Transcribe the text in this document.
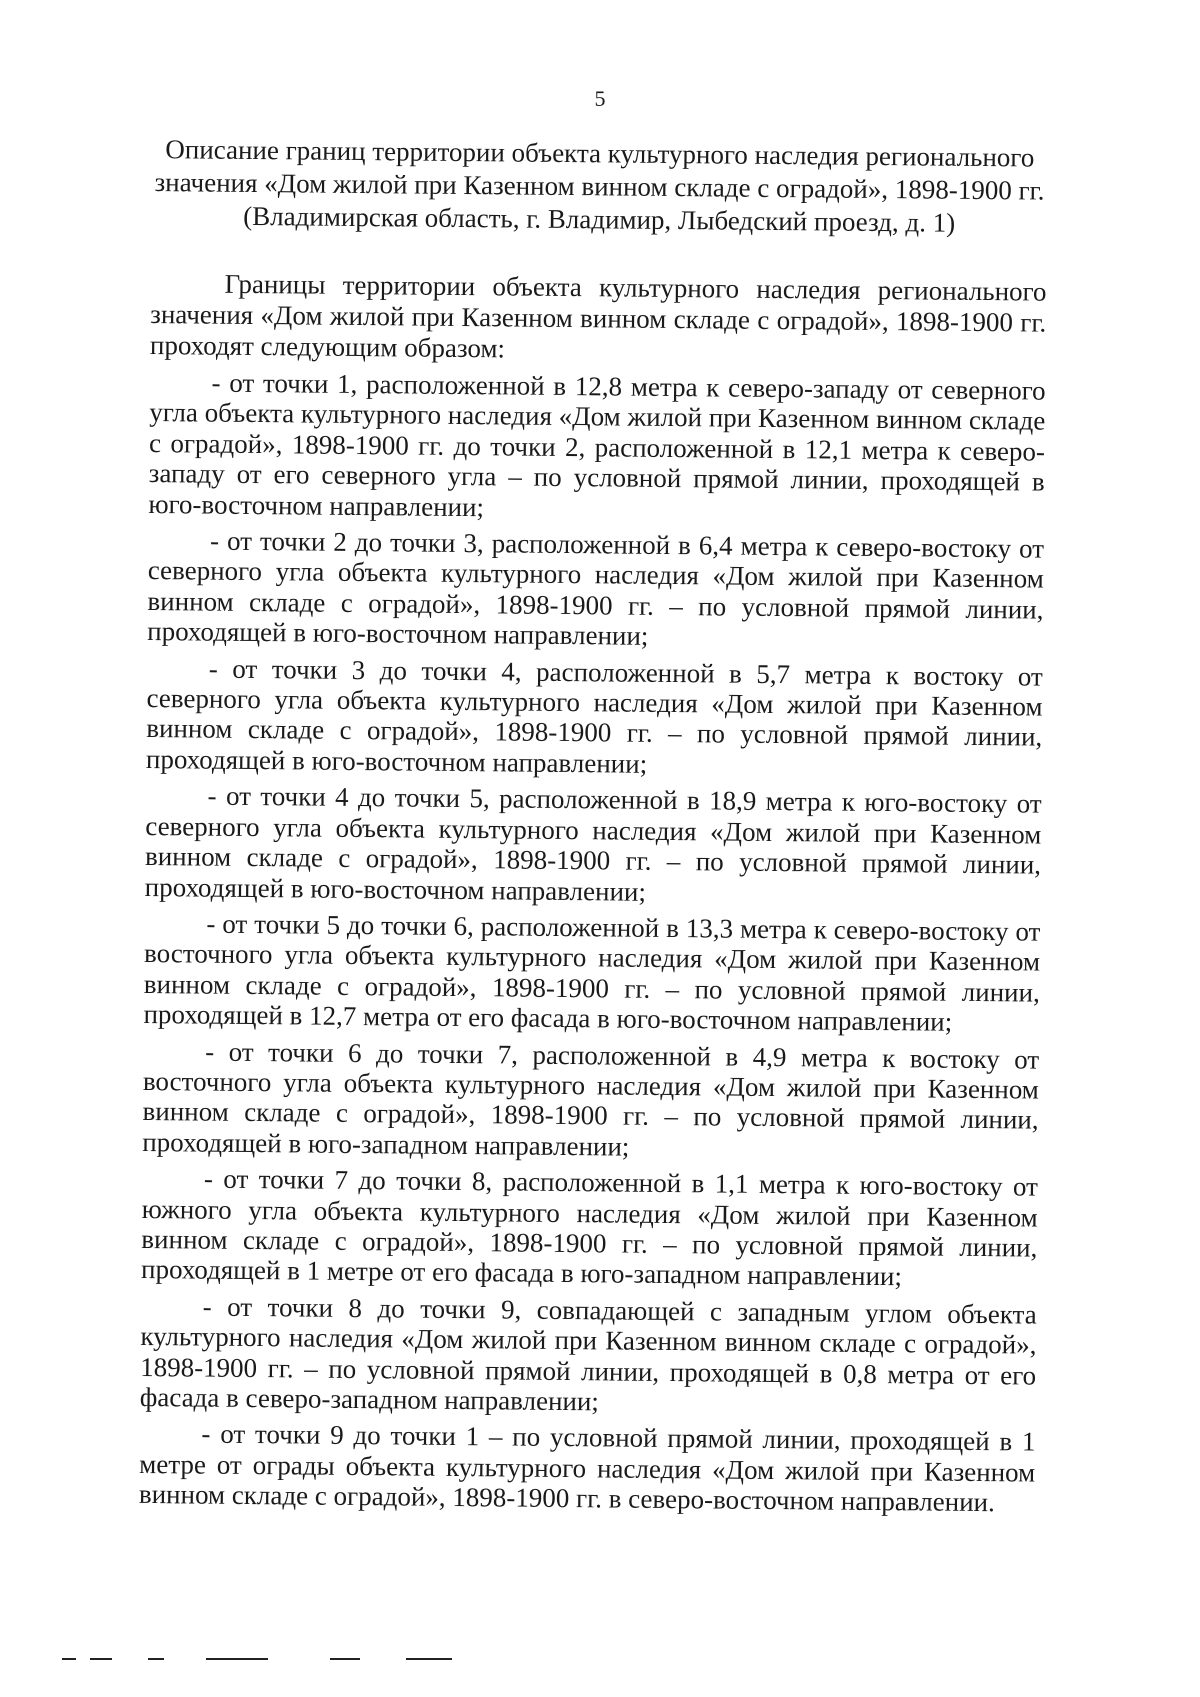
5

Описание границ территории объекта культурного наследия регионального

значения «Дом жилой при Казенном винном складе с оградой», 1898-1900 гг.

(Владимирская область, г. Владимир, Лыбедский проезд, д. 1)

Границы территории объекта культурного наследия регионального значения «Дом жилой при Казенном винном складе с оградой», 1898-1900 гг. проходят следующим образом:
- от точки 1, расположенной в 12,8 метра к северо-западу от северного угла объекта культурного наследия «Дом жилой при Казенном винном складе с оградой», 1898-1900 гг. до точки 2, расположенной в 12,1 метра к северо-западу от его северного угла – по условной прямой линии, проходящей в юго-восточном направлении;
- от точки 2 до точки 3, расположенной в 6,4 метра к северо-востоку от северного угла объекта культурного наследия «Дом жилой при Казенном винном складе с оградой», 1898-1900 гг. – по условной прямой линии, проходящей в юго-восточном направлении;
- от точки 3 до точки 4, расположенной в 5,7 метра к востоку от северного угла объекта культурного наследия «Дом жилой при Казенном винном складе с оградой», 1898-1900 гг. – по условной прямой линии, проходящей в юго-восточном направлении;
- от точки 4 до точки 5, расположенной в 18,9 метра к юго-востоку от северного угла объекта культурного наследия «Дом жилой при Казенном винном складе с оградой», 1898-1900 гг. – по условной прямой линии, проходящей в юго-восточном направлении;
- от точки 5 до точки 6, расположенной в 13,3 метра к северо-востоку от восточного угла объекта культурного наследия «Дом жилой при Казенном винном складе с оградой», 1898-1900 гг. – по условной прямой линии, проходящей в 12,7 метра от его фасада в юго-восточном направлении;
- от точки 6 до точки 7, расположенной в 4,9 метра к востоку от восточного угла объекта культурного наследия «Дом жилой при Казенном винном складе с оградой», 1898-1900 гг. – по условной прямой линии, проходящей в юго-западном направлении;
- от точки 7 до точки 8, расположенной в 1,1 метра к юго-востоку от южного угла объекта культурного наследия «Дом жилой при Казенном винном складе с оградой», 1898-1900 гг. – по условной прямой линии, проходящей в 1 метре от его фасада в юго-западном направлении;
- от точки 8 до точки 9, совпадающей с западным углом объекта культурного наследия «Дом жилой при Казенном винном складе с оградой», 1898-1900 гг. – по условной прямой линии, проходящей в 0,8 метра от его фасада в северо-западном направлении;
- от точки 9 до точки 1 – по условной прямой линии, проходящей в 1 метре от ограды объекта культурного наследия «Дом жилой при Казенном винном складе с оградой», 1898-1900 гг. в северо-восточном направлении.
